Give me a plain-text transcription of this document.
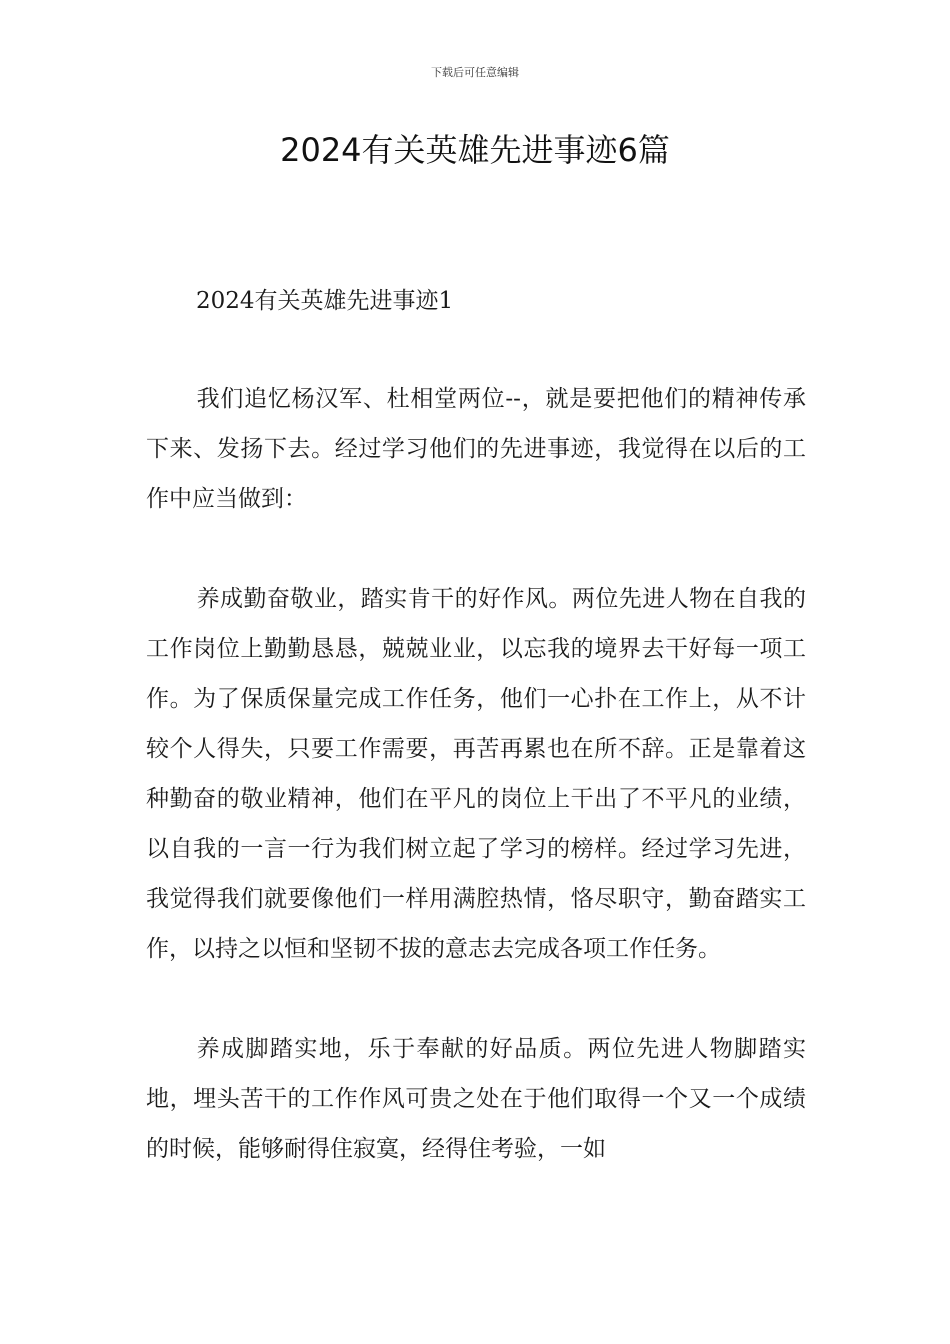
下载后可任意编辑
2024有关英雄先进事迹6篇
2024有关英雄先进事迹1

我们追忆杨汉军、杜相堂两位--，就是要把他们的精神传承下来、发扬下去。经过学习他们的先进事迹，我觉得在以后的工作中应当做到：

养成勤奋敬业，踏实肯干的好作风。两位先进人物在自我的工作岗位上勤勤恳恳，兢兢业业，以忘我的境界去干好每一项工作。为了保质保量完成工作任务，他们一心扑在工作上，从不计较个人得失，只要工作需要，再苦再累也在所不辞。正是靠着这种勤奋的敬业精神，他们在平凡的岗位上干出了不平凡的业绩，以自我的一言一行为我们树立起了学习的榜样。经过学习先进，我觉得我们就要像他们一样用满腔热情，恪尽职守，勤奋踏实工作，以持之以恒和坚韧不拔的意志去完成各项工作任务。

养成脚踏实地，乐于奉献的好品质。两位先进人物脚踏实地，埋头苦干的工作作风可贵之处在于他们取得一个又一个成绩的时候，能够耐得住寂寞，经得住考验，一如
